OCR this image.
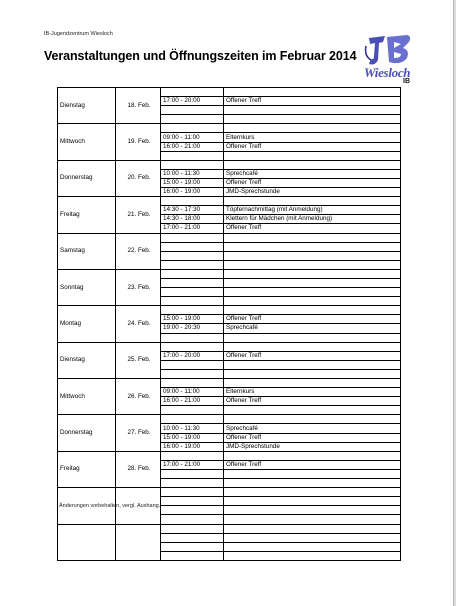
IB-Jugendzentrum Wiesloch
Veranstaltungen und Öffnungszeiten im Februar 2014
Wiesloch
IB
Dienstag	18. Feb.		
		17:00 - 20:00	Offener Treff

Mittwoch	19. Feb.		
		09:00 - 11:00	Elternkurs
		16:00 - 21:00	Offener Treff

Donnerstag	20. Feb.		
		10:00 - 11:30	Sprechcafé
		15:00 - 19:00	Offener Treff
		16:00 - 19:00	JMD-Sprechstunde
Freitag	21. Feb.		
		14:30 - 17:30	Töpfernachmittag (mit Anmeldung)
		14:30 - 18:00	Klettern für Mädchen (mit Anmeldung)
		17:00 - 21:00	Offener Treff
Samstag	22. Feb.		

Sonntag	23. Feb.		

Montag	24. Feb.		
		15:00 - 19:00	Offener Treff
		19:00 - 20:30	Sprechcafé

Dienstag	25. Feb.		
		17:00 - 20:00	Offener Treff

Mittwoch	26. Feb.		
		09:00 - 11:00	Elternkurs
		16:00 - 21:00	Offener Treff

Donnerstag	27. Feb.		
		10:00 - 11:30	Sprechcafé
		15:00 - 19:00	Offener Treff
		16:00 - 19:00	JMD-Sprechstunde
Freitag	28. Feb.		
		17:00 - 21:00	Offener Treff

Änderungen vorbehalten, vergl. Aushang.
